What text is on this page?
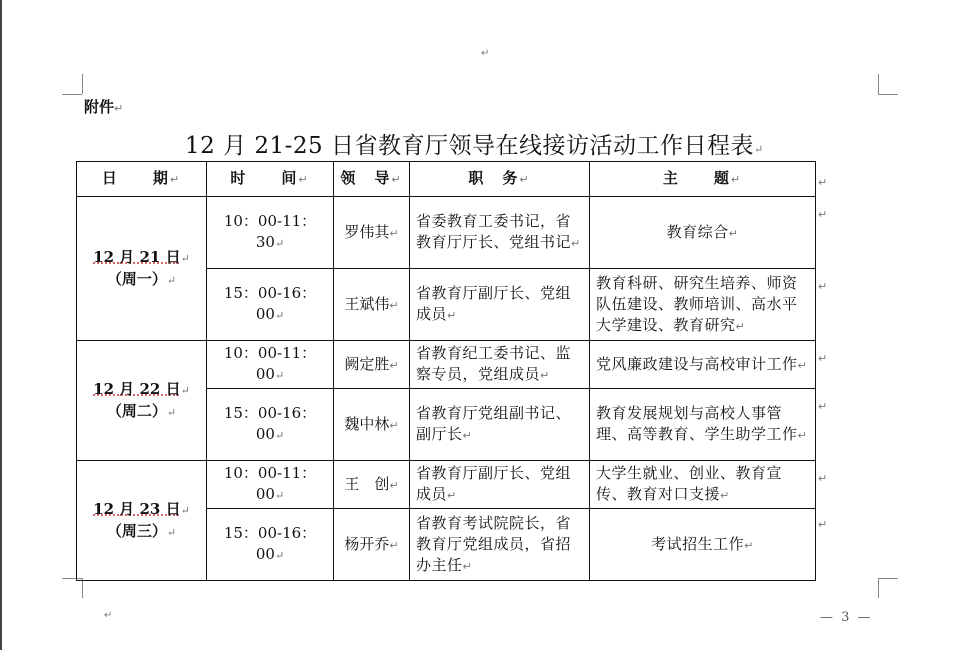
↵
↵
附件↵
12 月 21-25 日省教育厅领导在线接访活动工作日程表↵
日　　期↵	时　　间↵	领　导↵	职　务↵	主　　题↵

12 月 21 日↵
（周一）↵	10：00-11：30↵	罗伟其↵	省委教育工委书记，省教育厅厅长、党组书记↵	教育综合↵
	15：00-16：00↵	王斌伟↵	省教育厅副厅长、党组成员↵	教育科研、研究生培养、师资队伍建设、教师培训、高水平大学建设、教育研究↵

12 月 22 日↵
（周二）↵	10：00-11：00↵	阙定胜↵	省教育纪工委书记、监察专员，党组成员↵	党风廉政建设与高校审计工作↵
	15：00-16：00↵	魏中林↵	省教育厅党组副书记、副厅长↵	教育发展规划与高校人事管理、高等教育、学生助学工作↵

12 月 23 日↵
（周三）↵	10：00-11：00↵	王　创↵	省教育厅副厅长、党组成员↵	大学生就业、创业、教育宣传、教育对口支援↵
	15：00-16：00↵	杨开乔↵	省教育考试院院长，省教育厅党组成员，省招办主任↵	考试招生工作↵
↵
↵
↵
↵
↵
↵
↵
— 3 —
